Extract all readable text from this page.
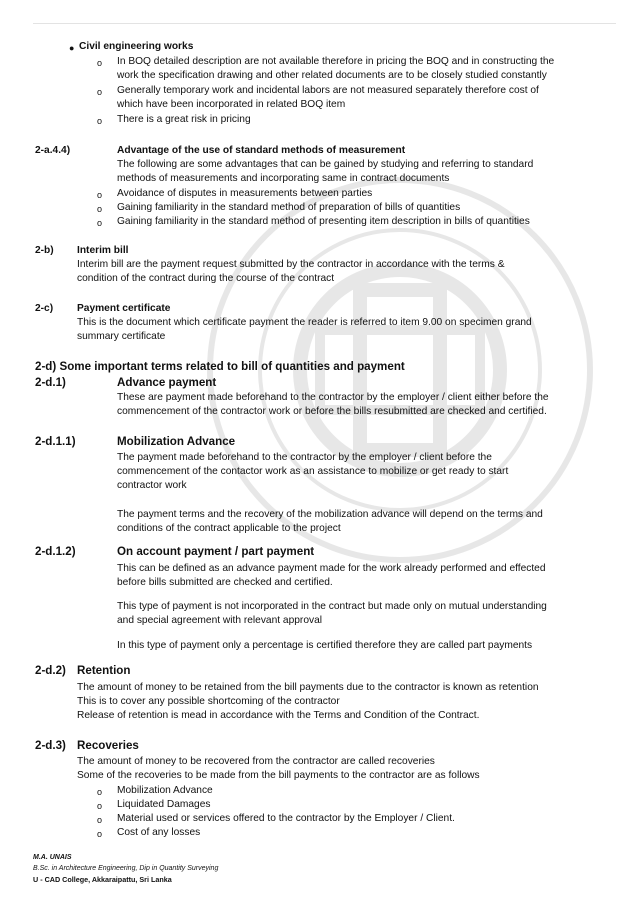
● Civil engineering works
o In BOQ detailed description are not available therefore in pricing the BOQ and in constructing the
work the specification drawing and other related documents are to be closely studied constantly
o Generally temporary work and incidental labors are not measured separately therefore cost of
which have been incorporated in related BOQ item
o There is a great risk in pricing
2-a.4.4)	Advantage of the use of standard methods of measurement
The following are some advantages that can be gained by studying and referring to standard
methods of measurements and incorporating same in contract documents
o Avoidance of disputes in measurements between parties
o Gaining familiarity in the standard method of preparation of bills of quantities
o Gaining familiarity in the standard method of presenting item description in bills of quantities
2-b) Interim bill
Interim bill are the payment request submitted by the contractor in accordance with the terms &
condition of the contract during the course of the contract
2-c) Payment certificate
This is the document which certificate payment the reader is referred to item 9.00 on specimen grand
summary certificate
2-d) Some important terms related to bill of quantities and payment
2-d.1)	Advance payment
These are payment made beforehand to the contractor by the employer / client either before the
commencement of the contractor work or before the bills resubmitted are checked and certified.
2-d.1.1)	Mobilization Advance
The payment made beforehand to the contractor by the employer / client before the
commencement of the contactor work as an assistance to mobilize or get ready to start
contractor work
The payment terms and the recovery of the mobilization advance will depend on the terms and
conditions of the contract applicable to the project
2-d.1.2)	On account payment / part payment
This can be defined as an advance payment made for the work already performed and effected
before bills submitted are checked and certified.
This type of payment is not incorporated in the contract but made only on mutual understanding
and special agreement with relevant approval
In this type of payment only a percentage is certified therefore they are called part payments
2-d.2) Retention
The amount of money to be retained from the bill payments due to the contractor is known as retention
This is to cover any possible shortcoming of the contractor
Release of retention is mead in accordance with the Terms and Condition of the Contract.
2-d.3) Recoveries
The amount of money to be recovered from the contractor are called recoveries
Some of the recoveries to be made from the bill payments to the contractor are as follows
o Mobilization Advance
o Liquidated Damages
o Material used or services offered to the contractor by the Employer / Client.
o Cost of any losses
M.A. UNAIS
B.Sc. in Architecture Engineering, Dip in Quantity Surveying
U - CAD College, Akkaraipattu, Sri Lanka
